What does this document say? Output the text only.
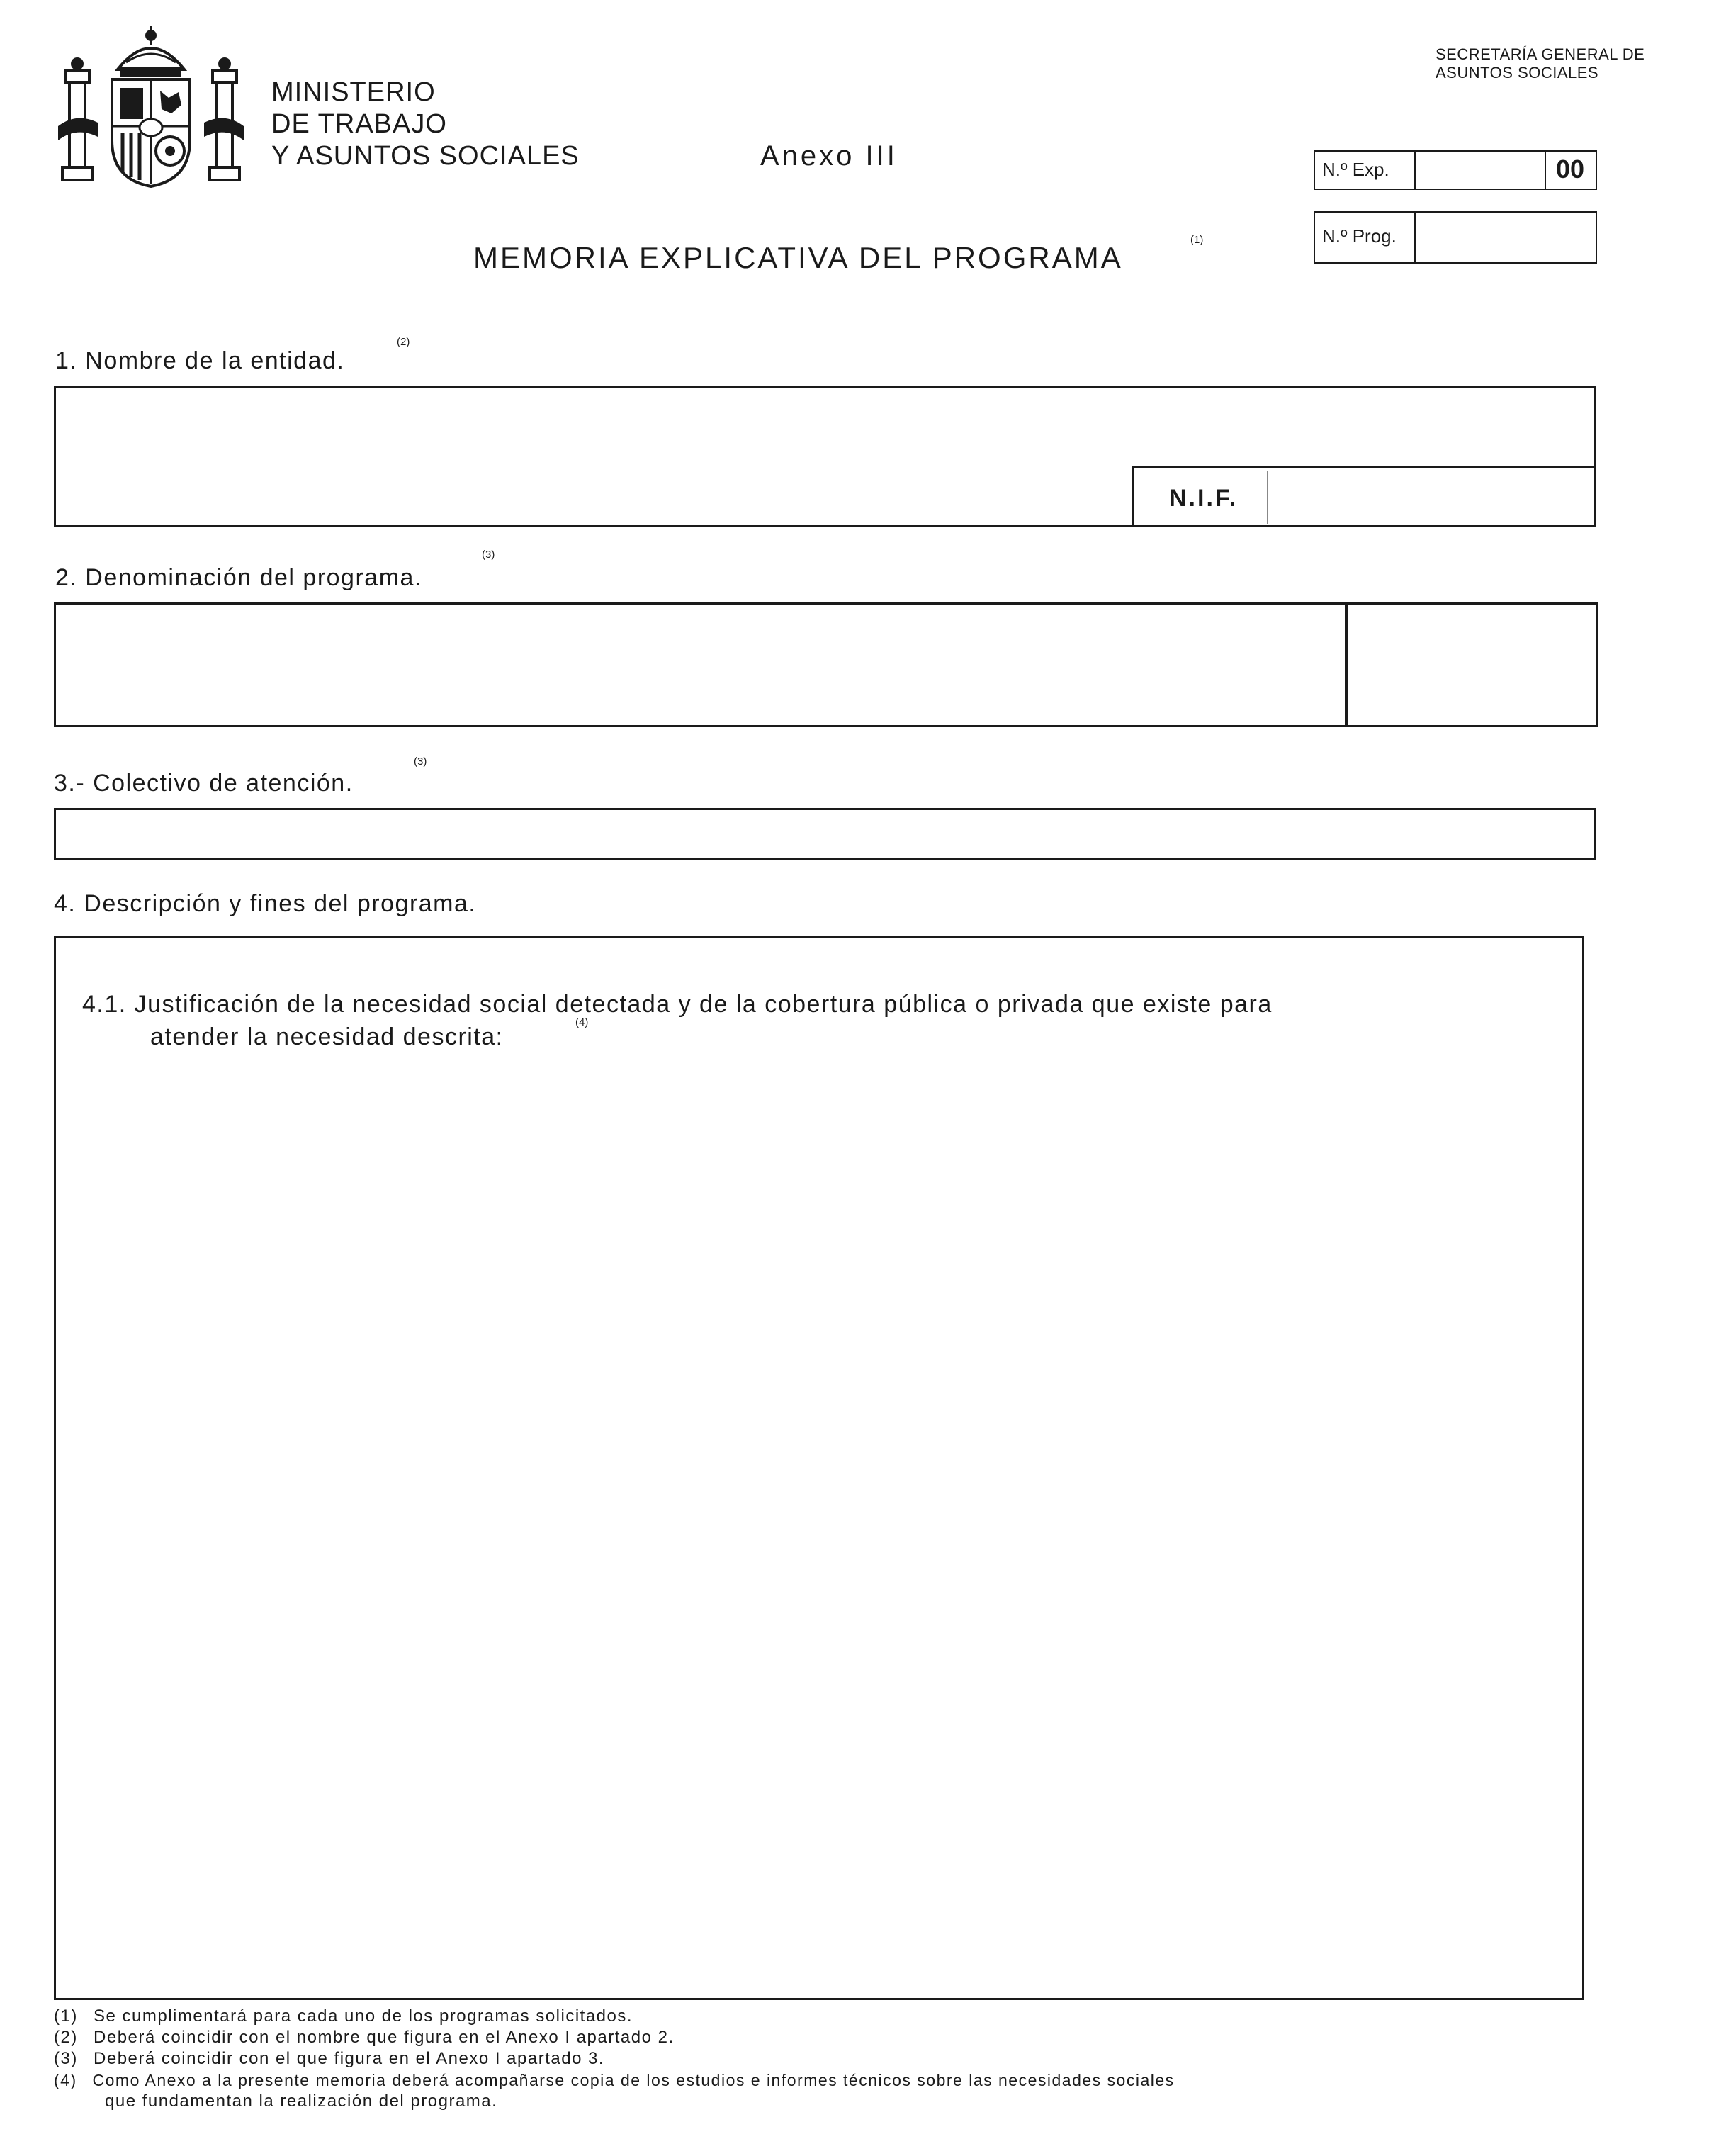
MINISTERIO
DE TRABAJO
Y ASUNTOS SOCIALES
SECRETARÍA GENERAL DE
ASUNTOS SOCIALES
Anexo III	N.º Exp.	00
N.º Prog.
MEMORIA EXPLICATIVA DEL PROGRAMA
(1)
1. Nombre de la entidad.
(2)
N.I.F.
(3)
2. Denominación del programa.
(3)
3.- Colectivo de atención.
4. Descripción y fines del programa.
4.1. Justificación de la necesidad social detectada y de la cobertura pública o privada que existe para
atender la necesidad descrita:
(4)
(1) Se cumplimentará para cada uno de los programas solicitados.
(2) Deberá coincidir con el nombre que figura en el Anexo I apartado 2.
(3) Deberá coincidir con el que figura en el Anexo I apartado 3.
(4) Como Anexo a la presente memoria deberá acompañarse copia de los estudios e informes técnicos sobre las necesidades sociales
que fundamentan la realización del programa.
